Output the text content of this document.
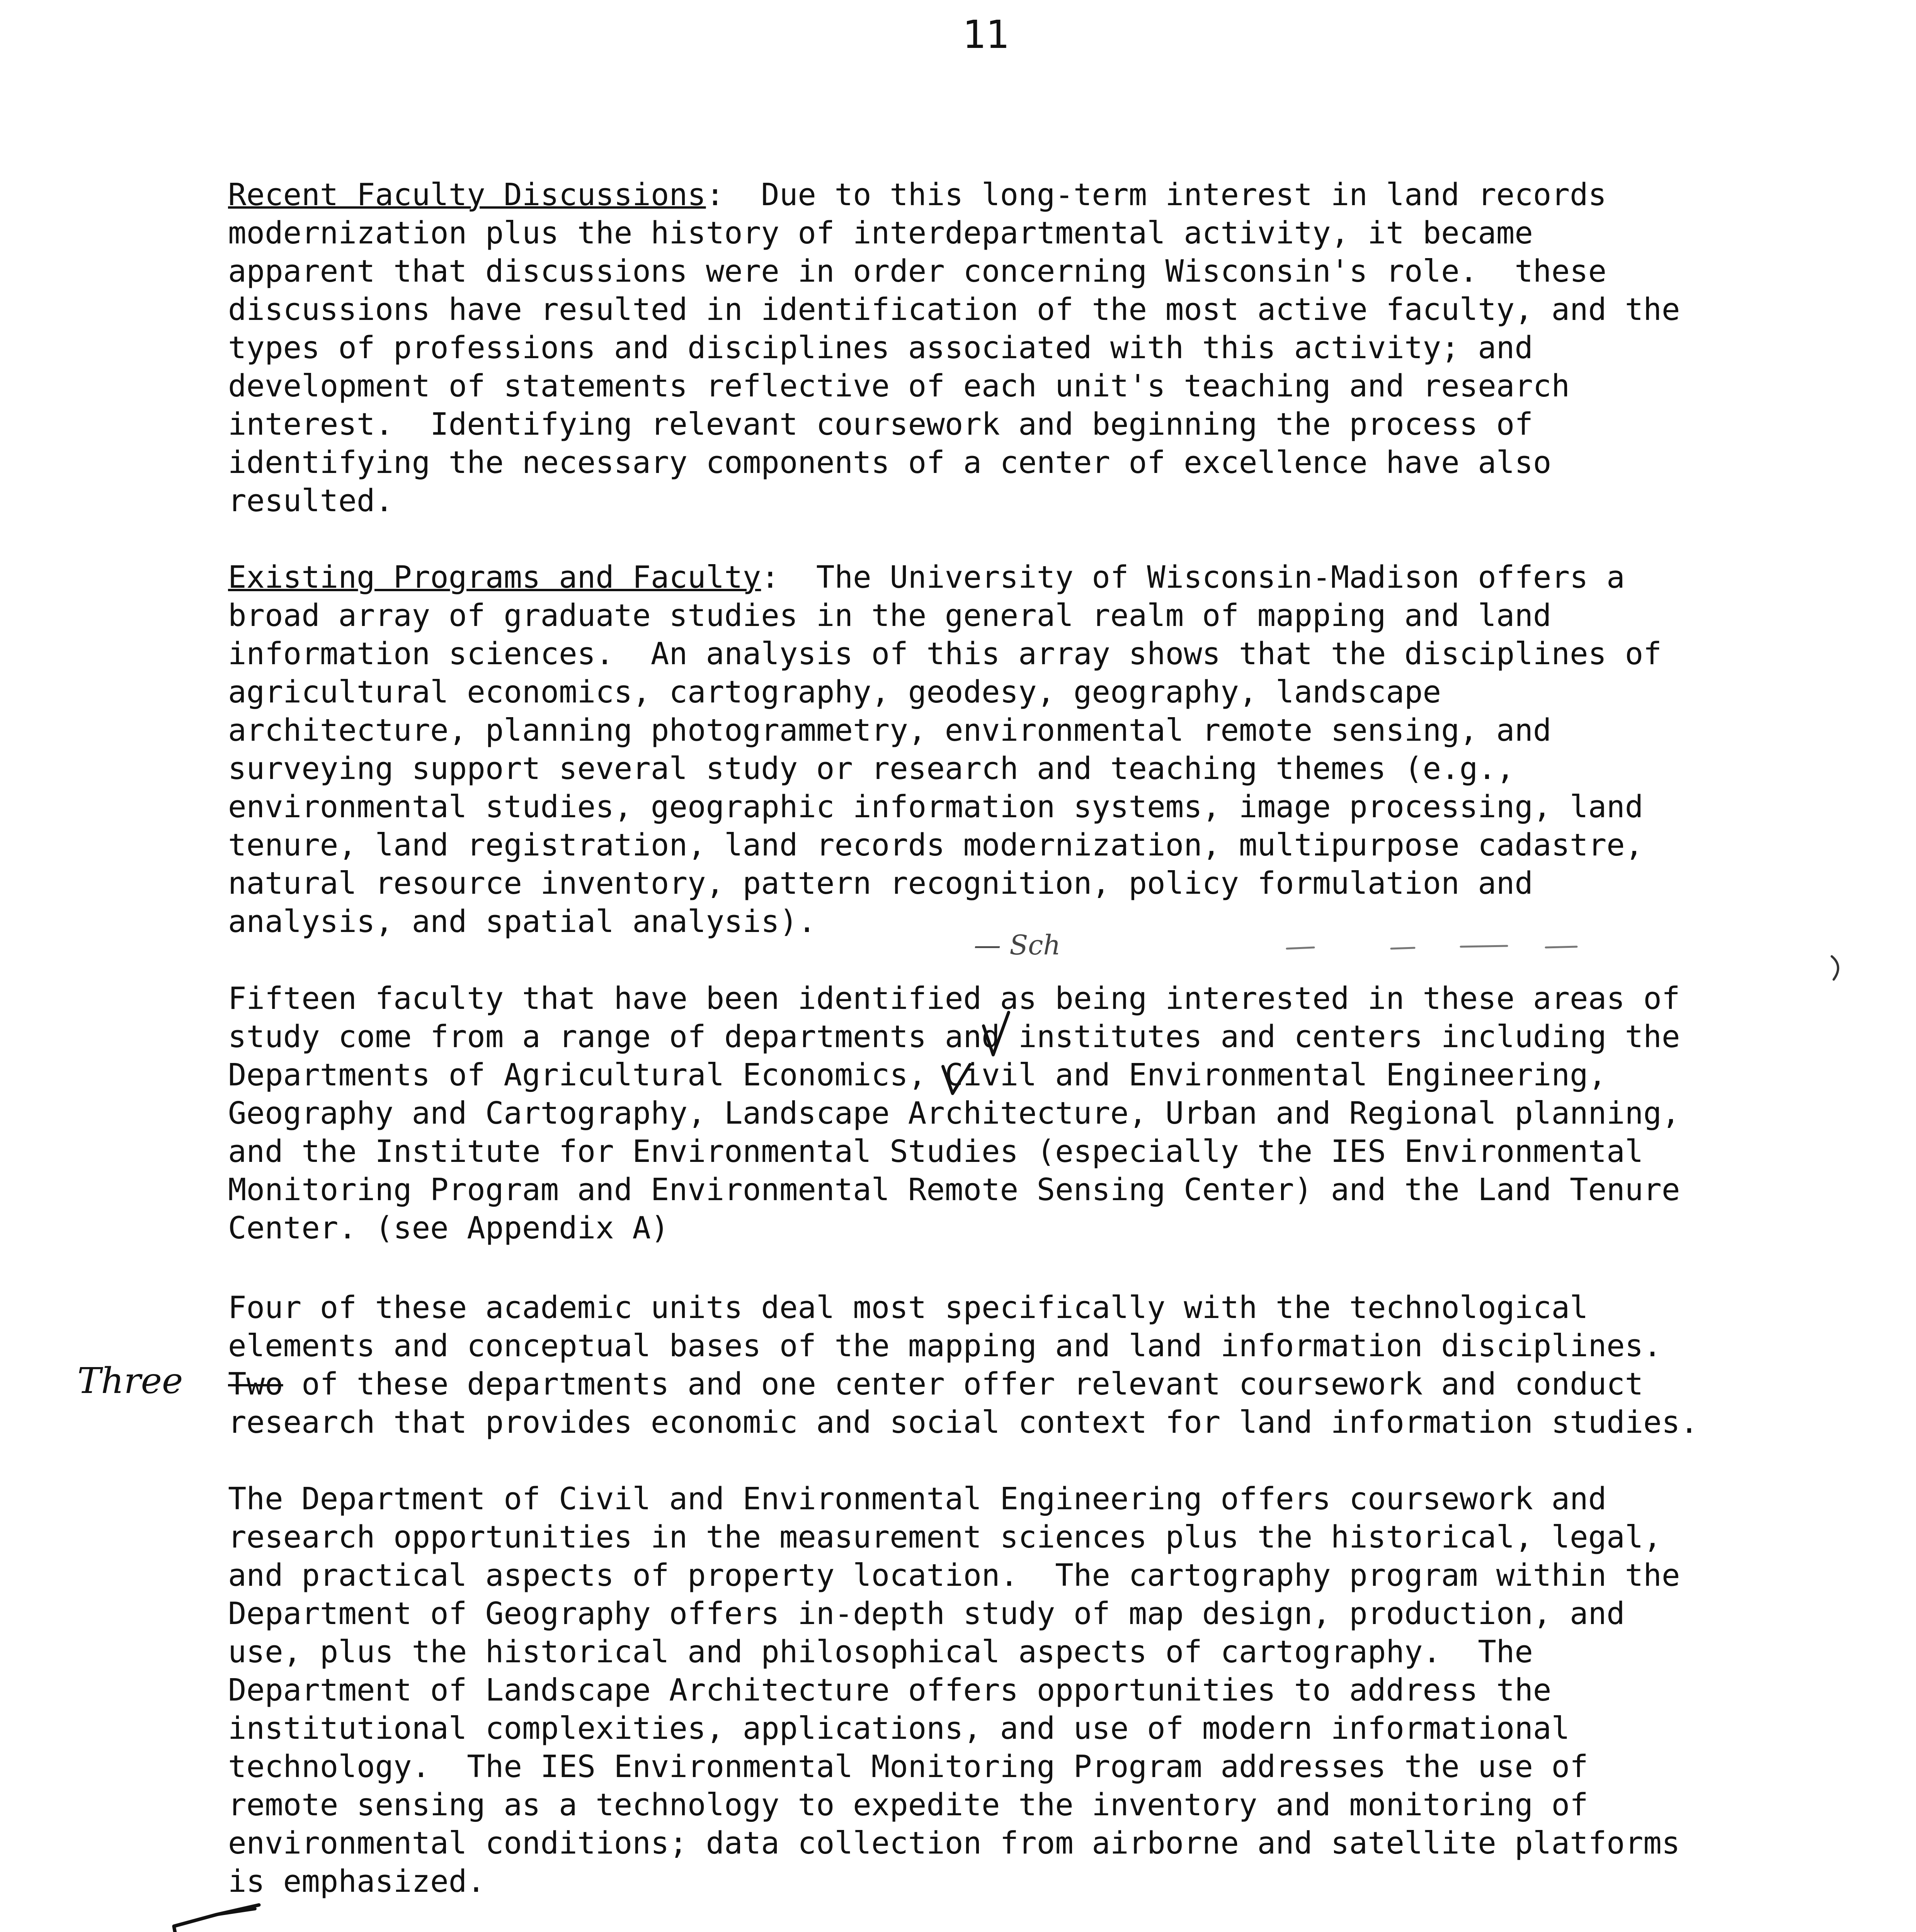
11

Recent Faculty Discussions:  Due to this long-term interest in land records

modernization plus the history of interdepartmental activity, it became

apparent that discussions were in order concerning Wisconsin's role.  these

discussions have resulted in identification of the most active faculty, and the

types of professions and disciplines associated with this activity; and

development of statements reflective of each unit's teaching and research

interest.  Identifying relevant coursework and beginning the process of

identifying the necessary components of a center of excellence have also

resulted.

Existing Programs and Faculty:  The University of Wisconsin-Madison offers a

broad array of graduate studies in the general realm of mapping and land

information sciences.  An analysis of this array shows that the disciplines of

agricultural economics, cartography, geodesy, geography, landscape

architecture, planning photogrammetry, environmental remote sensing, and

surveying support several study or research and teaching themes (e.g.,

environmental studies, geographic information systems, image processing, land

tenure, land registration, land records modernization, multipurpose cadastre,

natural resource inventory, pattern recognition, policy formulation and

analysis, and spatial analysis).

Fifteen faculty that have been identified as being interested in these areas of

study come from a range of departments and institutes and centers including the

Departments of Agricultural Economics, Civil and Environmental Engineering,

Geography and Cartography, Landscape Architecture, Urban and Regional planning,

and the Institute for Environmental Studies (especially the IES Environmental

Monitoring Program and Environmental Remote Sensing Center) and the Land Tenure

Center. (see Appendix A)

Four of these academic units deal most specifically with the technological

elements and conceptual bases of the mapping and land information disciplines.

Two of these departments and one center offer relevant coursework and conduct

research that provides economic and social context for land information studies.

The Department of Civil and Environmental Engineering offers coursework and

research opportunities in the measurement sciences plus the historical, legal,

and practical aspects of property location.  The cartography program within the

Department of Geography offers in-depth study of map design, production, and

use, plus the historical and philosophical aspects of cartography.  The

Department of Landscape Architecture offers opportunities to address the

institutional complexities, applications, and use of modern informational

technology.  The IES Environmental Monitoring Program addresses the use of

remote sensing as a technology to expedite the inventory and monitoring of

environmental conditions; data collection from airborne and satellite platforms

is emphasized.

Three
— Sch
